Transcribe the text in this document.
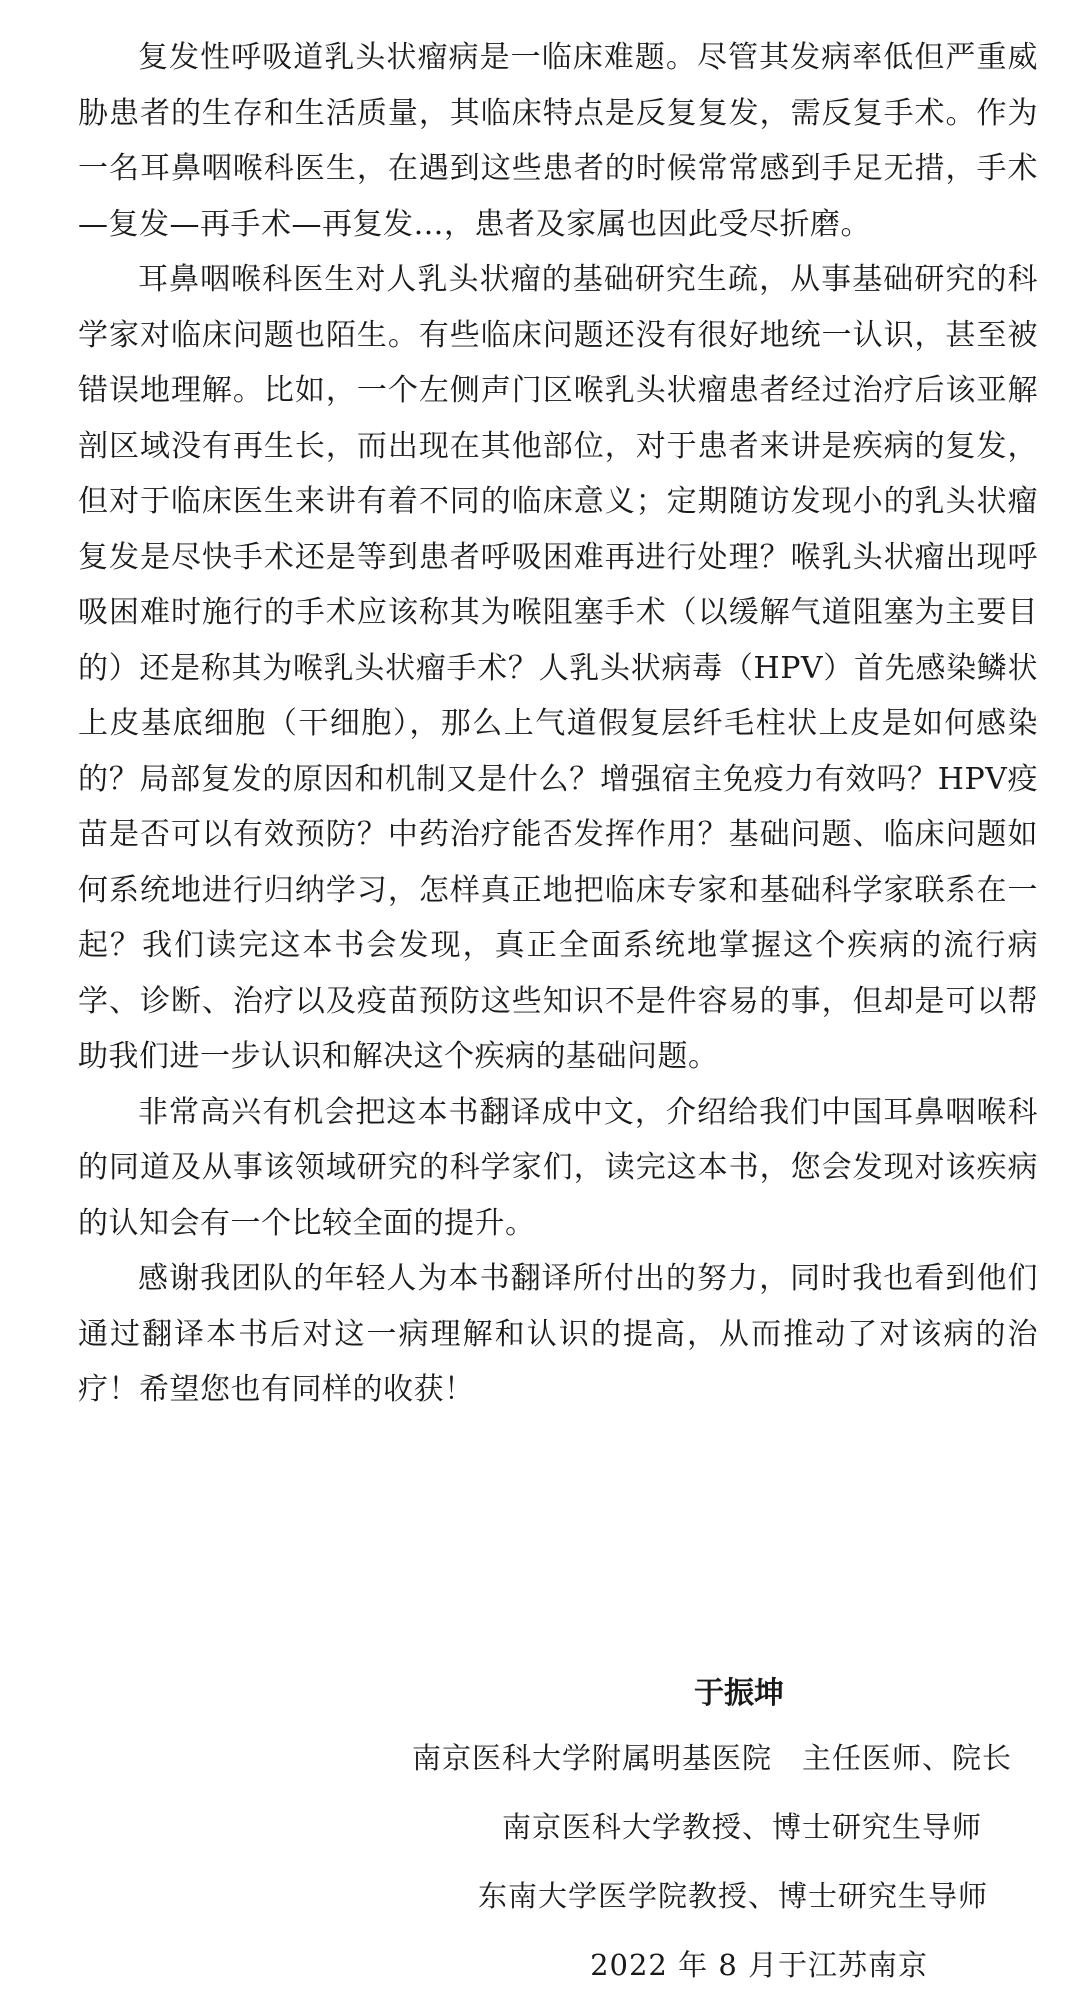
复发性呼吸道乳头状瘤病是一临床难题。尽管其发病率低但严重威胁患者的生存和生活质量，其临床特点是反复复发，需反复手术。作为一名耳鼻咽喉科医生，在遇到这些患者的时候常常感到手足无措，手术—复发—再手术—再复发…，患者及家属也因此受尽折磨。

耳鼻咽喉科医生对人乳头状瘤的基础研究生疏，从事基础研究的科学家对临床问题也陌生。有些临床问题还没有很好地统一认识，甚至被错误地理解。比如，一个左侧声门区喉乳头状瘤患者经过治疗后该亚解剖区域没有再生长，而出现在其他部位，对于患者来讲是疾病的复发，但对于临床医生来讲有着不同的临床意义；定期随访发现小的乳头状瘤复发是尽快手术还是等到患者呼吸困难再进行处理？喉乳头状瘤出现呼吸困难时施行的手术应该称其为喉阻塞手术（以缓解气道阻塞为主要目的）还是称其为喉乳头状瘤手术？人乳头状病毒（HPV）首先感染鳞状上皮基底细胞（干细胞），那么上气道假复层纤毛柱状上皮是如何感染的？局部复发的原因和机制又是什么？增强宿主免疫力有效吗？HPV疫苗是否可以有效预防？中药治疗能否发挥作用？基础问题、临床问题如何系统地进行归纳学习，怎样真正地把临床专家和基础科学家联系在一起？我们读完这本书会发现，真正全面系统地掌握这个疾病的流行病学、诊断、治疗以及疫苗预防这些知识不是件容易的事，但却是可以帮助我们进一步认识和解决这个疾病的基础问题。

非常高兴有机会把这本书翻译成中文，介绍给我们中国耳鼻咽喉科的同道及从事该领域研究的科学家们，读完这本书，您会发现对该疾病的认知会有一个比较全面的提升。

感谢我团队的年轻人为本书翻译所付出的努力，同时我也看到他们通过翻译本书后对这一病理解和认识的提高，从而推动了对该病的治疗！希望您也有同样的收获！

于振坤

南京医科大学附属明基医院　主任医师、院长

南京医科大学教授、博士研究生导师

东南大学医学院教授、博士研究生导师

2022 年 8 月于江苏南京
